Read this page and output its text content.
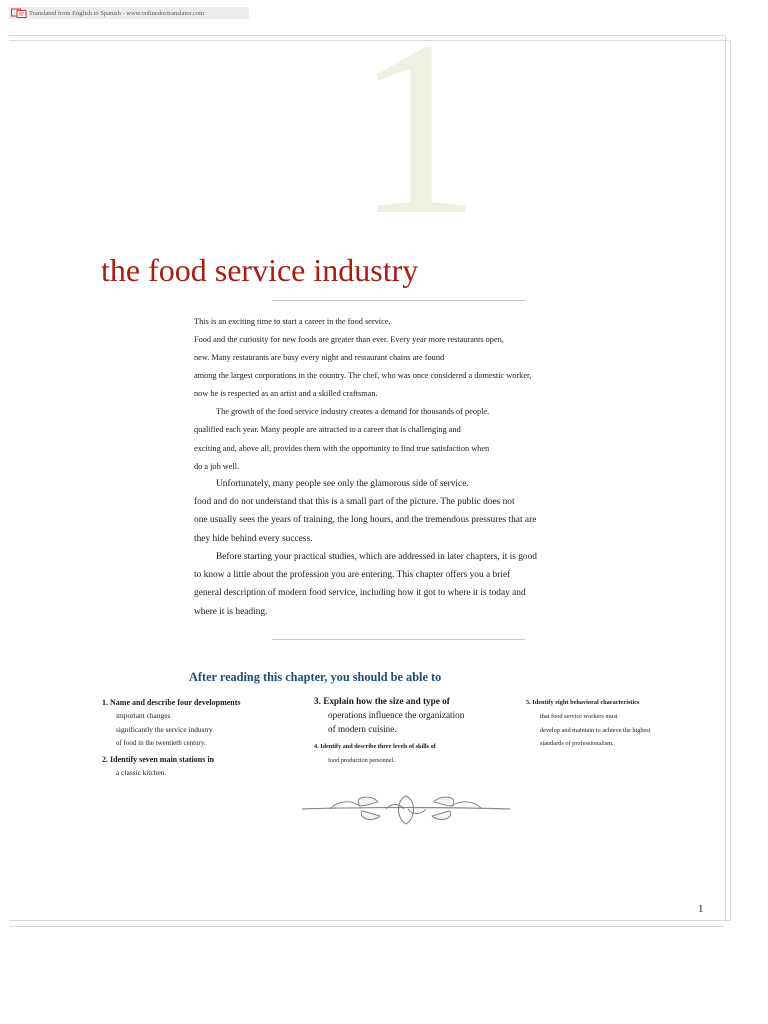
Translated from English to Spanish - www.onlinedoctranslator.com 1
the food service industry
This is an exciting time to start a career in the food service.
Food and the curiosity for new foods are greater than ever. Every year more restaurants open,
new. Many restaurants are busy every night and restaurant chains are found
among the largest corporations in the country. The chef, who was once considered a domestic worker,
now he is respected as an artist and a skilled craftsman.
The growth of the food service industry creates a demand for thousands of people.
qualified each year. Many people are attracted to a career that is challenging and
exciting and, above all, provides them with the opportunity to find true satisfaction when
do a job well.
Unfortunately, many people see only the glamorous side of service.
food and do not understand that this is a small part of the picture. The public does not
one usually sees the years of training, the long hours, and the tremendous pressures that are
they hide behind every success.
Before starting your practical studies, which are addressed in later chapters, it is good
to know a little about the profession you are entering. This chapter offers you a brief
general description of modern food service, including how it got to where it is today and
where it is heading.
After reading this chapter, you should be able to
1. Name and describe four developments
important changes
significantly the service industry
of food in the twentieth century.
2. Identify seven main stations in
a classic kitchen.
3. Explain how the size and type of
operations influence the organization
of modern cuisine.
4. Identify and describe three levels of skills of
food production personnel.
5. Identify eight behavioral characteristics
that food service workers must
develop and maintain to achieve the highest
standards of professionalism.
1
